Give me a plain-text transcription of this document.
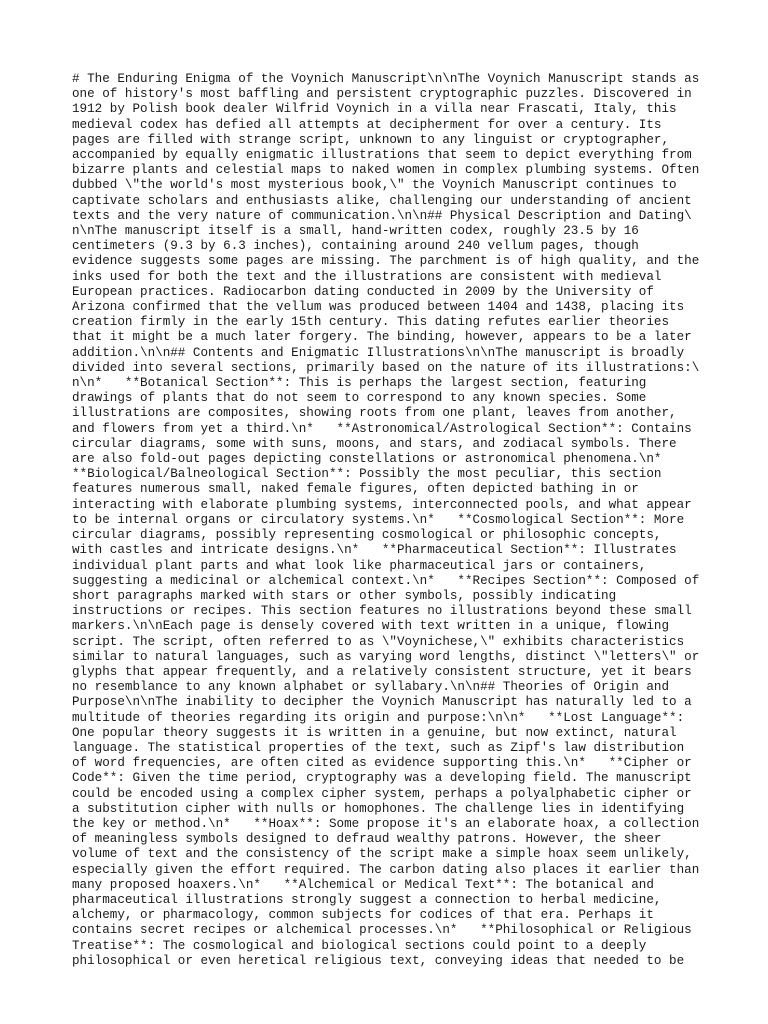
# The Enduring Enigma of the Voynich Manuscript\n\nThe Voynich Manuscript stands as
one of history's most baffling and persistent cryptographic puzzles. Discovered in
1912 by Polish book dealer Wilfrid Voynich in a villa near Frascati, Italy, this
medieval codex has defied all attempts at decipherment for over a century. Its
pages are filled with strange script, unknown to any linguist or cryptographer,
accompanied by equally enigmatic illustrations that seem to depict everything from
bizarre plants and celestial maps to naked women in complex plumbing systems. Often
dubbed \"the world's most mysterious book,\" the Voynich Manuscript continues to
captivate scholars and enthusiasts alike, challenging our understanding of ancient
texts and the very nature of communication.\n\n## Physical Description and Dating\
n\nThe manuscript itself is a small, hand-written codex, roughly 23.5 by 16
centimeters (9.3 by 6.3 inches), containing around 240 vellum pages, though
evidence suggests some pages are missing. The parchment is of high quality, and the
inks used for both the text and the illustrations are consistent with medieval
European practices. Radiocarbon dating conducted in 2009 by the University of
Arizona confirmed that the vellum was produced between 1404 and 1438, placing its
creation firmly in the early 15th century. This dating refutes earlier theories
that it might be a much later forgery. The binding, however, appears to be a later
addition.\n\n## Contents and Enigmatic Illustrations\n\nThe manuscript is broadly
divided into several sections, primarily based on the nature of its illustrations:\
n\n*   **Botanical Section**: This is perhaps the largest section, featuring
drawings of plants that do not seem to correspond to any known species. Some
illustrations are composites, showing roots from one plant, leaves from another,
and flowers from yet a third.\n*   **Astronomical/Astrological Section**: Contains
circular diagrams, some with suns, moons, and stars, and zodiacal symbols. There
are also fold-out pages depicting constellations or astronomical phenomena.\n*
**Biological/Balneological Section**: Possibly the most peculiar, this section
features numerous small, naked female figures, often depicted bathing in or
interacting with elaborate plumbing systems, interconnected pools, and what appear
to be internal organs or circulatory systems.\n*   **Cosmological Section**: More
circular diagrams, possibly representing cosmological or philosophic concepts,
with castles and intricate designs.\n*   **Pharmaceutical Section**: Illustrates
individual plant parts and what look like pharmaceutical jars or containers,
suggesting a medicinal or alchemical context.\n*   **Recipes Section**: Composed of
short paragraphs marked with stars or other symbols, possibly indicating
instructions or recipes. This section features no illustrations beyond these small
markers.\n\nEach page is densely covered with text written in a unique, flowing
script. The script, often referred to as \"Voynichese,\" exhibits characteristics
similar to natural languages, such as varying word lengths, distinct \"letters\" or
glyphs that appear frequently, and a relatively consistent structure, yet it bears
no resemblance to any known alphabet or syllabary.\n\n## Theories of Origin and
Purpose\n\nThe inability to decipher the Voynich Manuscript has naturally led to a
multitude of theories regarding its origin and purpose:\n\n*   **Lost Language**:
One popular theory suggests it is written in a genuine, but now extinct, natural
language. The statistical properties of the text, such as Zipf's law distribution
of word frequencies, are often cited as evidence supporting this.\n*   **Cipher or
Code**: Given the time period, cryptography was a developing field. The manuscript
could be encoded using a complex cipher system, perhaps a polyalphabetic cipher or
a substitution cipher with nulls or homophones. The challenge lies in identifying
the key or method.\n*   **Hoax**: Some propose it's an elaborate hoax, a collection
of meaningless symbols designed to defraud wealthy patrons. However, the sheer
volume of text and the consistency of the script make a simple hoax seem unlikely,
especially given the effort required. The carbon dating also places it earlier than
many proposed hoaxers.\n*   **Alchemical or Medical Text**: The botanical and
pharmaceutical illustrations strongly suggest a connection to herbal medicine,
alchemy, or pharmacology, common subjects for codices of that era. Perhaps it
contains secret recipes or alchemical processes.\n*   **Philosophical or Religious
Treatise**: The cosmological and biological sections could point to a deeply
philosophical or even heretical religious text, conveying ideas that needed to be
